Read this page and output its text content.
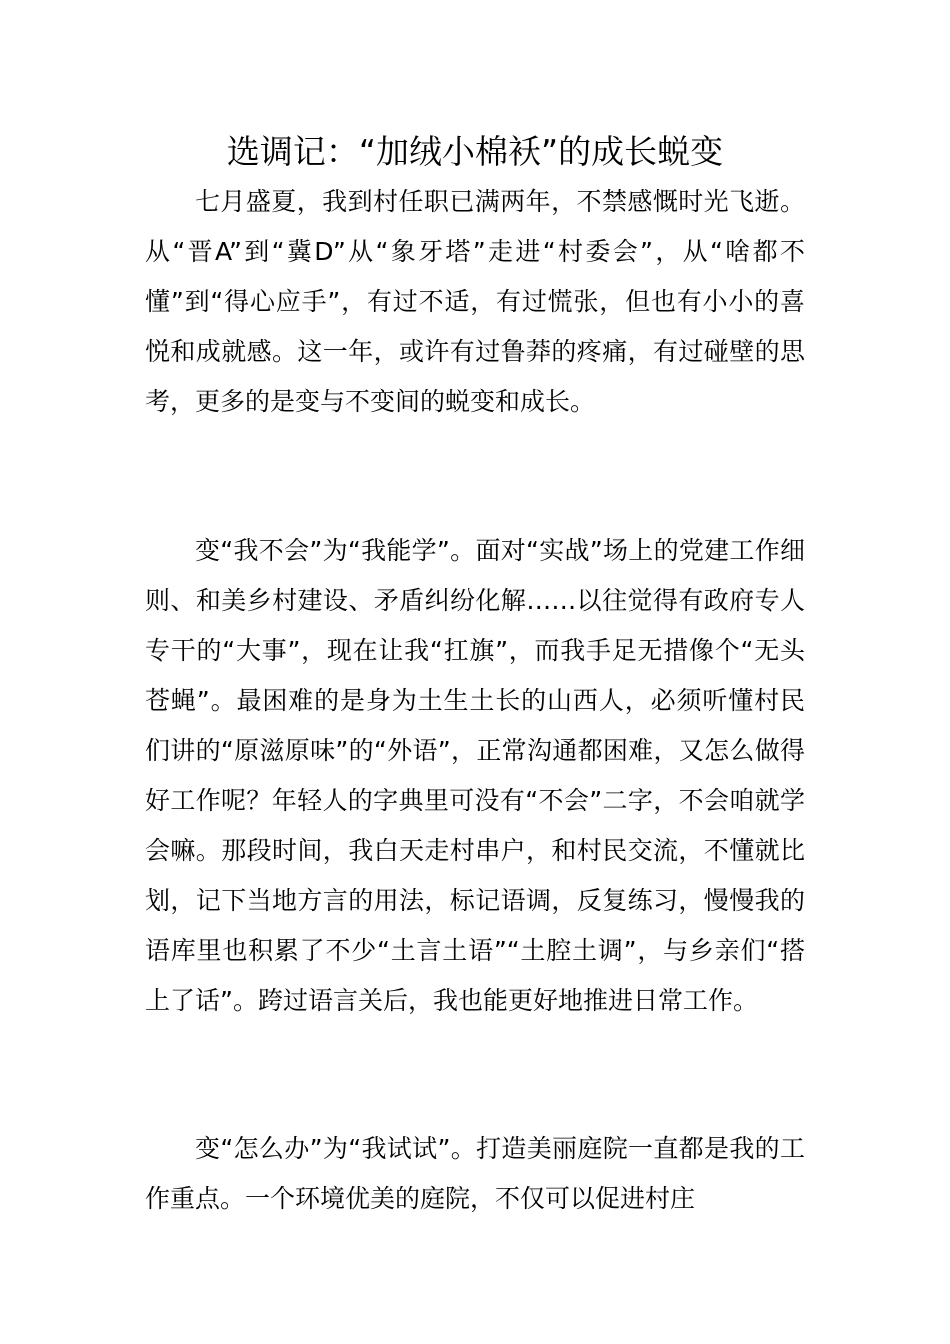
选调记：“加绒小棉袄”的成长蜕变

七月盛夏，我到村任职已满两年，不禁感慨时光飞逝。从“晋A”到“冀D”从“象牙塔”走进“村委会”，从“啥都不懂”到“得心应手”，有过不适，有过慌张，但也有小小的喜悦和成就感。这一年，或许有过鲁莽的疼痛，有过碰壁的思考，更多的是变与不变间的蜕变和成长。

变“我不会”为“我能学”。面对“实战”场上的党建工作细则、和美乡村建设、矛盾纠纷化解……以往觉得有政府专人专干的“大事”，现在让我“扛旗”，而我手足无措像个“无头苍蝇”。最困难的是身为土生土长的山西人，必须听懂村民们讲的“原滋原味”的“外语”，正常沟通都困难，又怎么做得好工作呢？年轻人的字典里可没有“不会”二字，不会咱就学会嘛。那段时间，我白天走村串户，和村民交流，不懂就比划，记下当地方言的用法，标记语调，反复练习，慢慢我的语库里也积累了不少“土言土语”“土腔土调”，与乡亲们“搭上了话”。跨过语言关后，我也能更好地推进日常工作。

变“怎么办”为“我试试”。打造美丽庭院一直都是我的工作重点。一个环境优美的庭院，不仅可以促进村庄
